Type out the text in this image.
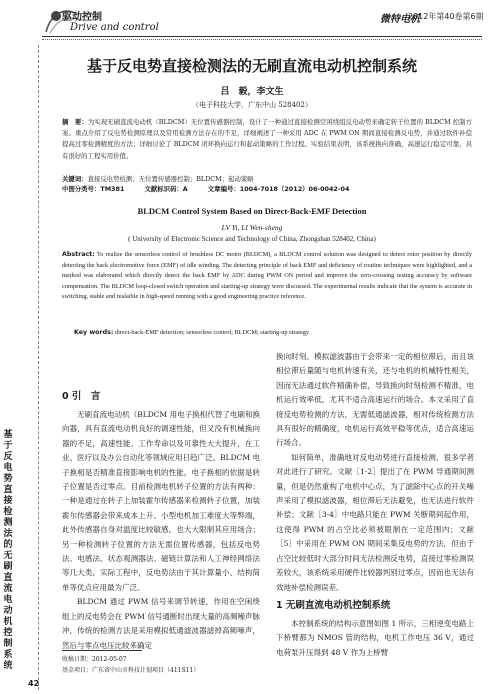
驱动控制
Drive and control
微特电机
2012年第40卷第6期
基于反电势直接检测法的无刷直流电动机控制系统
吕　毅，李文生
（电子科技大学，广东中山 528402）
摘　要：为实现无刷直流电动机（BLDCM）无位置传感器控制，设计了一种通过直接检测空闲绕组反电动势来确定转子位置的 BLDCM 控制方案。重点介绍了反电势检测原理以及常用检测方法存在的不足，详细阐述了一种采用 ADC 在 PWM ON 期间直接检测反电势，并通过软件补偿提高过零检测精度的方法；详细讨论了 BLDCM 闭环换向运行和起动策略的工作过程。实验结果表明，该系统换向准确，高速运行稳定可靠，具有很好的工程实用价值。
关键词：直接反电势检测；无位置传感器控制；BLDCM；起动策略
中图分类号：TM381	文献标识码：A	文章编号：1004-7018（2012）06-0042-04
BLDCM Control System Based on Direct-Back-EMF Detection
LV Yi, LI Wen-sheng
( University of Electronic Science and Technology of China, Zhongshan 528402, China)
Abstract: To realize the sensorless control of brushless DC motor (BLDCM), a BLDCM control solution was designed to detect rotor position by directly detecting the back electromotive force (EMF) of idle winding. The detecting principle of back EMF and deficiency of routine techniques were highlighted, and a method was elaborated which directly detect the back EMF by ADC during PWM ON period and improve the zero-crossing testing accuracy by software compensation. The BLDCM loop-closed switch operation and starting-up strategy were discussed. The experimental results indicate that the system is accurate in switching, stable and realaible in high-speed running with a good engineering practice reference.
Key words: direct-back-EMF detection; sensorless control; BLDCM; starting-up strategy
基于反电势直接检测法的无刷直流电动机控制系统
0 引　言

无刷直流电动机（BLDCM 用电子换相代替了电刷和换向器，具有直流电动机良好的调速性能，但又没有机械换向器的不足，高速性能、工作寿命以及可靠性大大提升，在工业、医疗以及办公自动化等领域应用日趋广泛。BLDCM 电子换相是否精准直接影响电机的性能，电子换相的依据是转子位置是否过零点。目前检测电机转子位置的方法有两种：一种是通过在转子上加装霍尔传感器来检测转子位置，加装霍尔传感器会带来成本上升、小型电机加工难度大等弊端，此外传感器自身对温度比较敏感，也大大限制其应用场合；另一种检测转子位置的方法无需位置传感器，包括反电势法、电感法、状态观测器法、磁链计算法和人工神经网络法等几大类。实际工程中，反电势法由于其计算量小、结构简单等优点应用最为广泛。

BLDCM 通过 PWM 信号来调节转速，作用在空闲绕组上的反电势会在 PWM 信号通断时出现大量的高频噪声脉冲，传统的检测方法是采用模拟低通滤波器滤掉高频噪声，然后与零点电压比较来确定

换向时刻。模拟滤波器由于会带来一定的相位滞后，而且该相位滞后量随与电机转速有关，还与电机的机械特性相关，因而无法通过软件精确补偿，导致换向时刻检测不精准，电机运行效率低，尤其不适合高速运行的场合。本文采用了直接反电势检测的方法，无需低通滤波器，相对传统检测方法具有很好的精确度，电机运行高效平稳等优点，适合高速运行场合。

如何简单，准确地对反电动势进行直接检测，很多学者对此进行了研究。文献［1-2］提出了在 PWM 导通期间测量，但是仍然重构了电机中心点，为了滤除中心点的开关噪声采用了模拟滤波器，相位滞后无法避免，也无法进行软件补偿；文献［3-4］中电路只能在 PWM 关断期间起作用，这使得 PWM 的占空比必须被限制在一定范围内；文献［5］中采用在 PWM ON 期间采集反电势的方法，但由于占空比较低时大部分时间无法检测反电势，直接过零检测误差较大，该系统采用硬件比较器判别过零点，因而也无法有效地补偿检测误差。

1 无刷直流电动机控制系统

本控制系统的结构示意图如图 1 所示，三相逆变电路上下桥臂都为 NMOS 管的结构，电机工作电压 36 V，通过电荷泵升压得到 48 V 作为上桥臂

收稿日期：2012-05-07
基金项目：广东省中山市科技计划项目（411S11）
42
